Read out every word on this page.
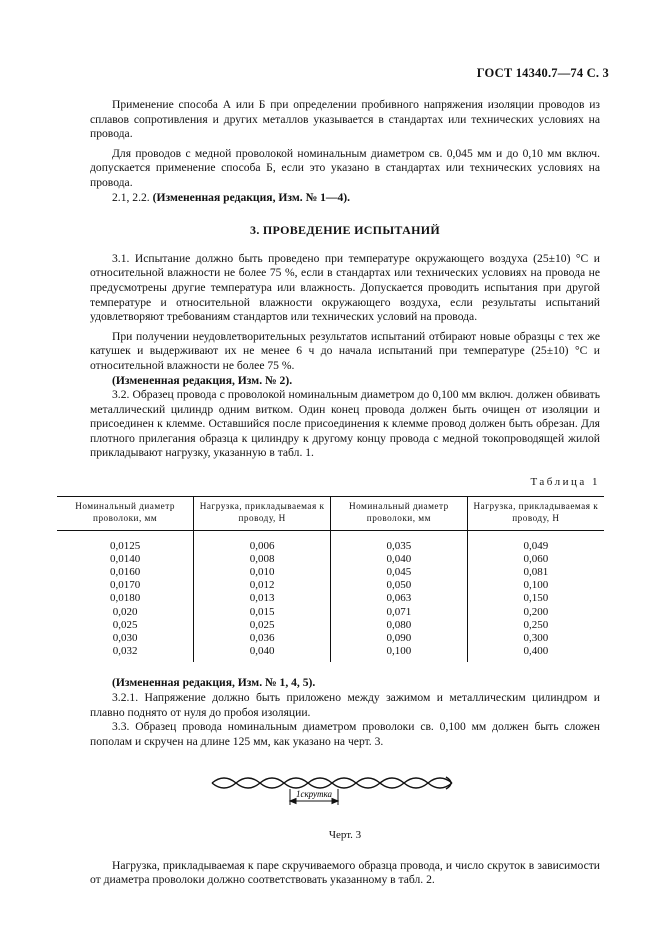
ГОСТ 14340.7—74 С. 3

Применение способа А или Б при определении пробивного напряжения изоляции проводов из сплавов сопротивления и других металлов указывается в стандартах или технических условиях на провода.

Для проводов с медной проволокой номинальным диаметром св. 0,045 мм и до 0,10 мм включ. допускается применение способа Б, если это указано в стандартах или технических условиях на провода.

2.1, 2.2. (Измененная редакция, Изм. № 1—4).

3. ПРОВЕДЕНИЕ ИСПЫТАНИЙ

3.1. Испытание должно быть проведено при температуре окружающего воздуха (25±10) °С и относительной влажности не более 75 %, если в стандартах или технических условиях на провода не предусмотрены другие температура или влажность. Допускается проводить испытания при другой температуре и относительной влажности окружающего воздуха, если результаты испытаний удовлетворяют требованиям стандартов или технических условий на провода.

При получении неудовлетворительных результатов испытаний отбирают новые образцы с тех же катушек и выдерживают их не менее 6 ч до начала испытаний при температуре (25±10) °С и относительной влажности не более 75 %.

(Измененная редакция, Изм. № 2).

3.2. Образец провода с проволокой номинальным диаметром до 0,100 мм включ. должен обвивать металлический цилиндр одним витком. Один конец провода должен быть очищен от изоляции и присоединен к клемме. Оставшийся после присоединения к клемме провод должен быть обрезан. Для плотного прилегания образца к цилиндру к другому концу провода с медной токопроводящей жилой прикладывают нагрузку, указанную в табл. 1.

Таблица 1
Номинальный диаметр проволоки, мм	Нагрузка, прикладываемая к проводу, Н	Номинальный диаметр проволоки, мм	Нагрузка, прикладываемая к проводу, Н
0,0125	0,006	0,035	0,049
0,0140	0,008	0,040	0,060
0,0160	0,010	0,045	0,081
0,0170	0,012	0,050	0,100
0,0180	0,013	0,063	0,150
0,020	0,015	0,071	0,200
0,025	0,025	0,080	0,250
0,030	0,036	0,090	0,300
0,032	0,040	0,100	0,400

(Измененная редакция, Изм. № 1, 4, 5).

3.2.1. Напряжение должно быть приложено между зажимом и металлическим цилиндром и плавно поднято от нуля до пробоя изоляции.

3.3. Образец провода номинальным диаметром проволоки св. 0,100 мм должен быть сложен пополам и скручен на длине 125 мм, как указано на черт. 3.

1скрутка
Черт. 3

Нагрузка, прикладываемая к паре скручиваемого образца провода, и число скруток в зависимости от диаметра проволоки должно соответствовать указанному в табл. 2.
